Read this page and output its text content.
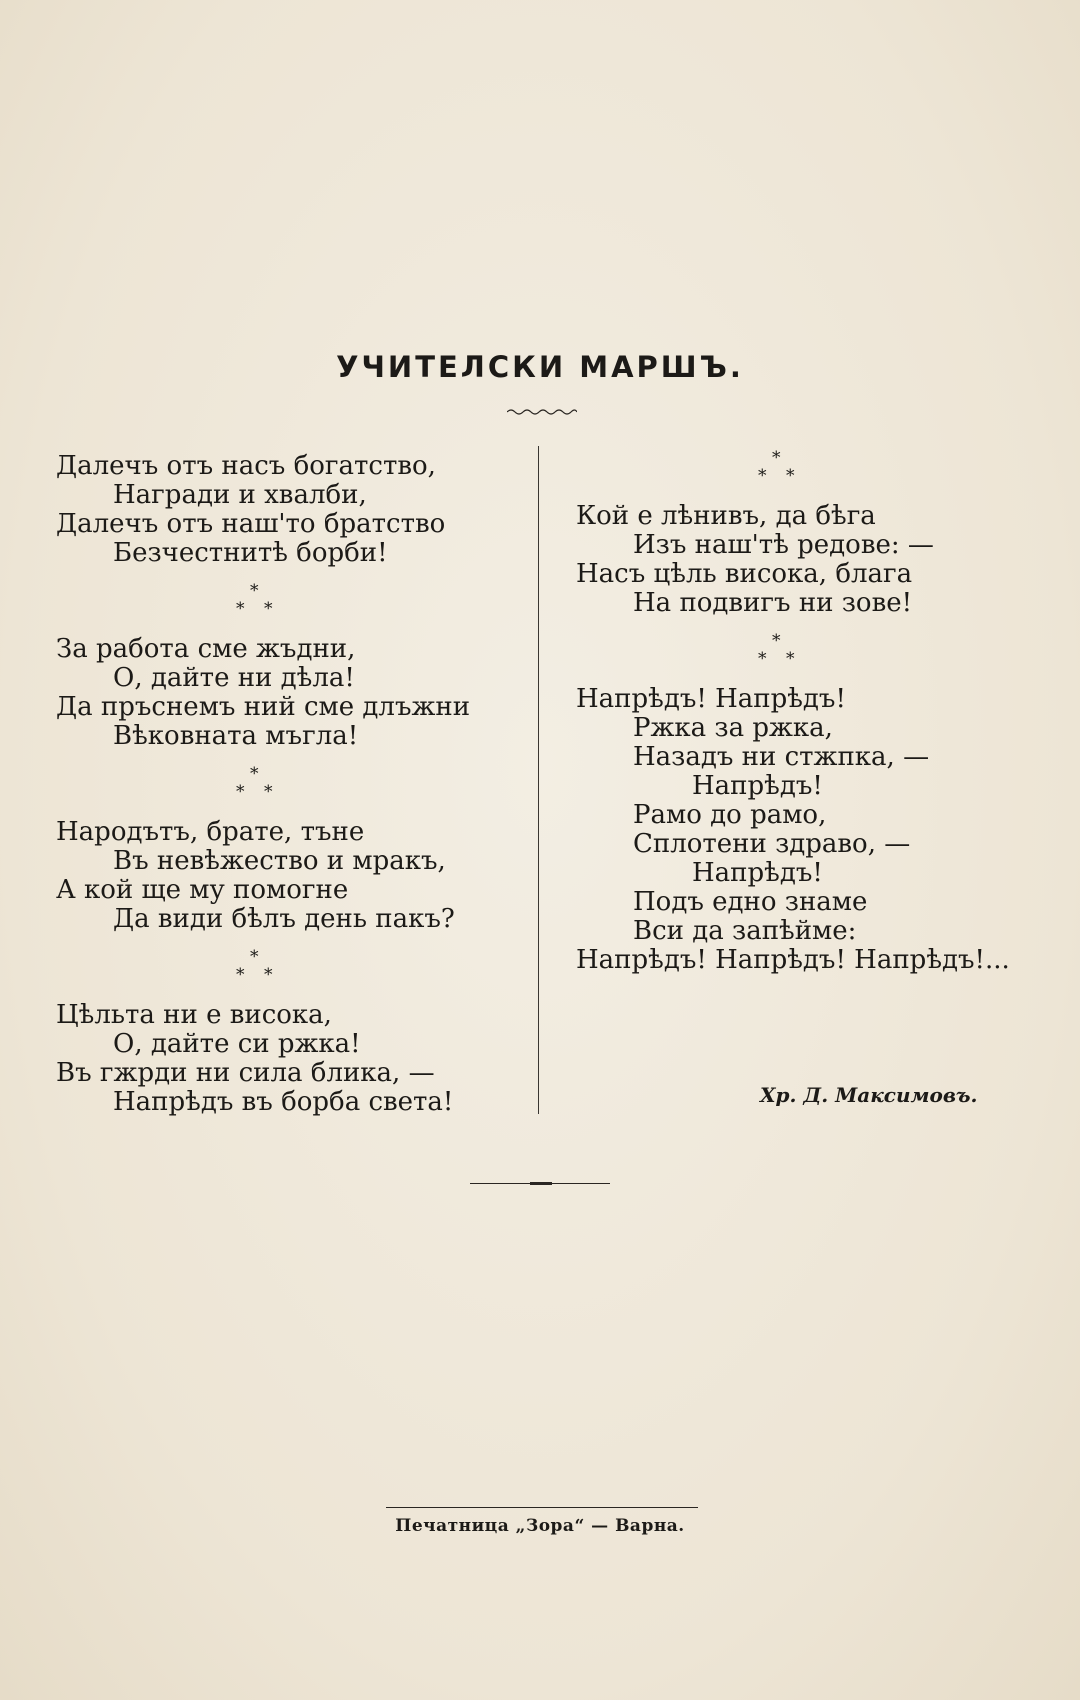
УЧИТЕЛСКИ МАРШЪ.
Далечъ отъ насъ богатство,
Награди и хвалби,
Далечъ отъ наш'то братство
Безчестнитѣ борби!
*
* *
За работа сме жъдни,
О, дайте ни дѣла!
Да пръснемъ ний сме длъжни
Вѣковната мъгла!
*
* *
Народътъ, брате, тъне
Въ невѣжество и мракъ,
А кой ще му помогне
Да види бѣлъ день пакъ?
*
* *
Цѣльта ни е висока,
О, дайте си ржка!
Въ гжрди ни сила блика, —
Напрѣдъ въ борба света!
*
* *
Кой е лѣнивъ, да бѣга
Изъ наш'тѣ редове: —
Насъ цѣль висока, блага
На подвигъ ни зове!
*
* *
Напрѣдъ! Напрѣдъ!
Ржка за ржка,
Назадъ ни стжпка, —
Напрѣдъ!
Рамо до рамо,
Сплотени здраво, —
Напрѣдъ!
Подъ едно знаме
Вси да запѣйме:
Напрѣдъ! Напрѣдъ! Напрѣдъ!...
Хр. Д. Максимовъ.
Печатница „Зора“ — Варна.
